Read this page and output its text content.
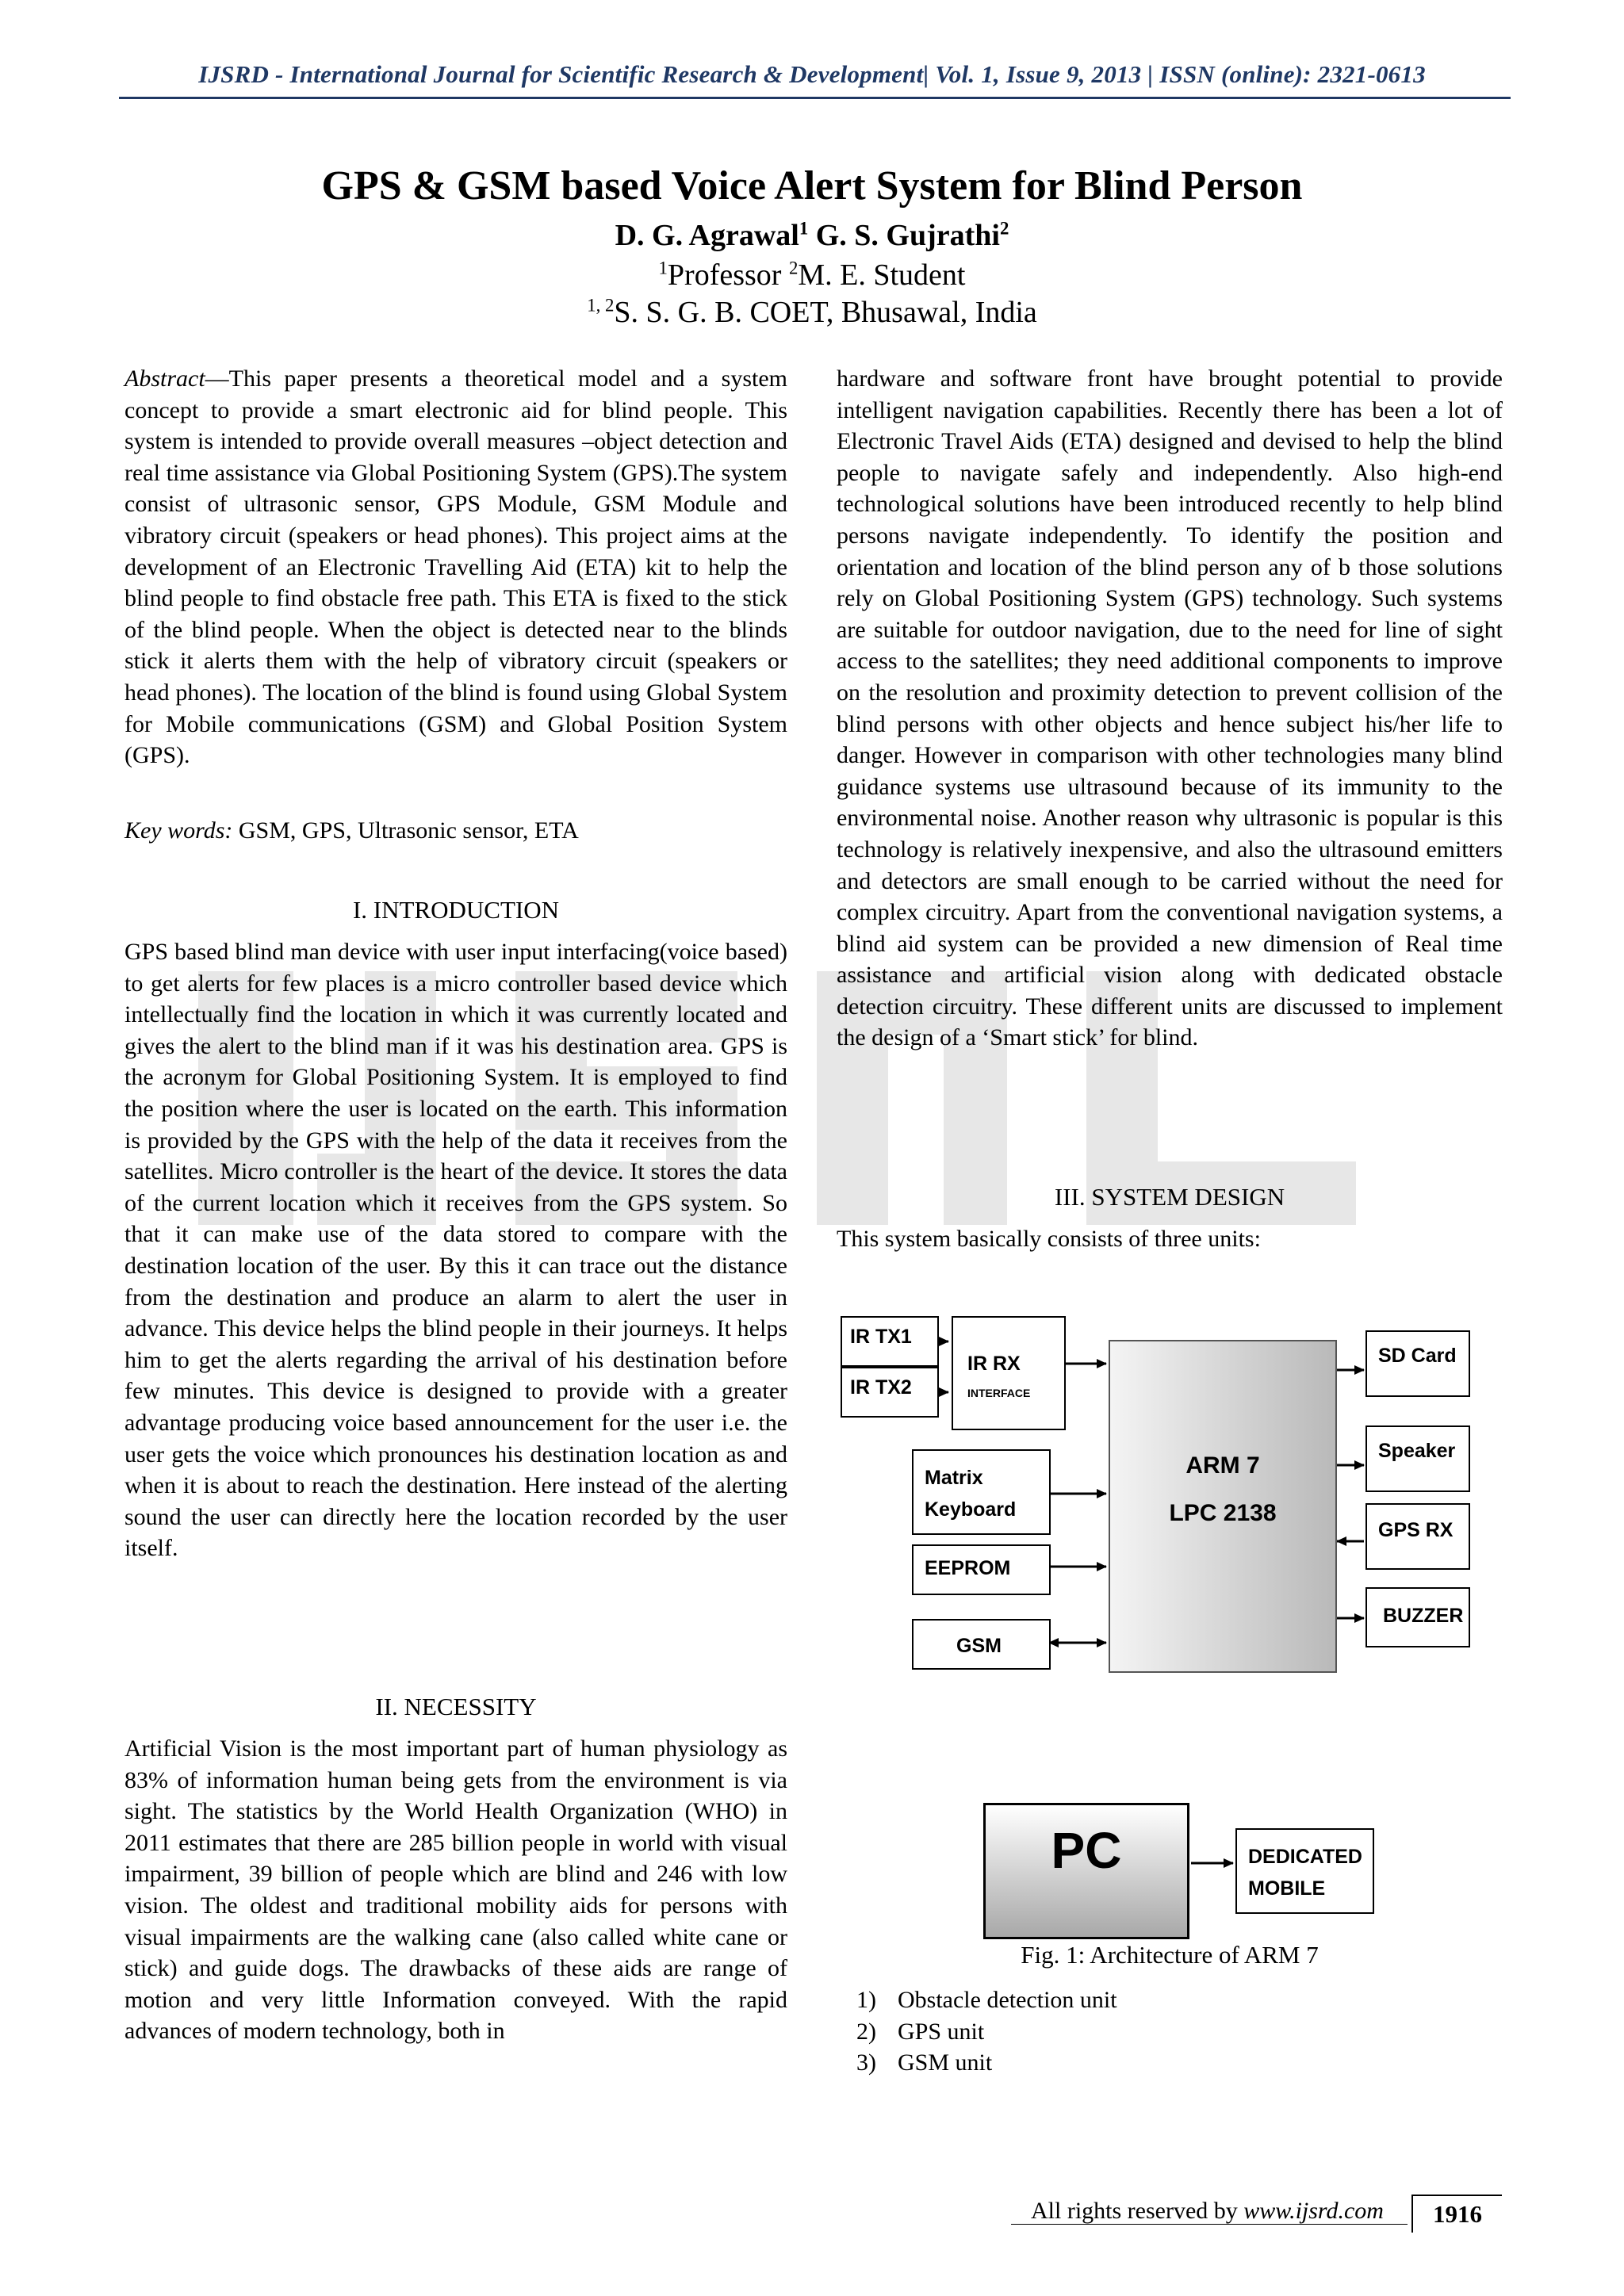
IJSRD - International Journal for Scientific Research & Development| Vol. 1, Issue 9, 2013 | ISSN (online): 2321-0613
GPS & GSM based Voice Alert System for Blind Person
D. G. Agrawal$^1$ G. S. Gujrathi$^2$
$^1$Professor $^2$M. E. Student
$^{1, 2}$S. S. G. B. COET, Bhusawal, India

Abstract—This paper presents a theoretical model and a system concept to provide a smart electronic aid for blind people. This system is intended to provide overall measures –object detection and real time assistance via Global Positioning System (GPS).The system consist of ultrasonic sensor, GPS Module, GSM Module and vibratory circuit (speakers or head phones). This project aims at the development of an Electronic Travelling Aid (ETA) kit to help the blind people to find obstacle free path. This ETA is fixed to the stick of the blind people. When the object is detected near to the blinds stick it alerts them with the help of vibratory circuit (speakers or head phones). The location of the blind is found using Global System for Mobile communications (GSM) and Global Position System (GPS).

Key words: GSM, GPS, Ultrasonic sensor, ETA

I. INTRODUCTION

GPS based blind man device with user input interfacing(voice based) to get alerts for few places is a micro controller based device which intellectually find the location in which it was currently located and gives the alert to the blind man if it was his destination area. GPS is the acronym for Global Positioning System. It is employed to find the position where the user is located on the earth. This information is provided by the GPS with the help of the data it receives from the satellites. Micro controller is the heart of the device. It stores the data of the current location which it receives from the GPS system. So that it can make use of the data stored to compare with the destination location of the user. By this it can trace out the distance from the destination and produce an alarm to alert the user in advance. This device helps the blind people in their journeys. It helps him to get the alerts regarding the arrival of his destination before few minutes. This device is designed to provide with a greater advantage producing voice based announcement for the user i.e. the user gets the voice which pronounces his destination location as and when it is about to reach the destination. Here instead of the alerting sound the user can directly here the location recorded by the user itself.

II. NECESSITY

Artificial Vision is the most important part of human physiology as 83% of information human being gets from the environment is via sight. The statistics by the World Health Organization (WHO) in 2011 estimates that there are 285 billion people in world with visual impairment, 39 billion of people which are blind and 246 with low vision. The oldest and traditional mobility aids for persons with visual impairments are the walking cane (also called white cane or stick) and guide dogs. The drawbacks of these aids are range of motion and very little Information conveyed. With the rapid advances of modern technology, both in

hardware and software front have brought potential to provide intelligent navigation capabilities. Recently there has been a lot of Electronic Travel Aids (ETA) designed and devised to help the blind people to navigate safely and independently. Also high-end technological solutions have been introduced recently to help blind persons navigate independently. To identify the position and orientation and location of the blind person any of b those solutions rely on Global Positioning System (GPS) technology. Such systems are suitable for outdoor navigation, due to the need for line of sight access to the satellites; they need additional components to improve on the resolution and proximity detection to prevent collision of the blind persons with other objects and hence subject his/her life to danger. However in comparison with other technologies many blind guidance systems use ultrasound because of its immunity to the environmental noise. Another reason why ultrasonic is popular is this technology is relatively inexpensive, and also the ultrasound emitters and detectors are small enough to be carried without the need for complex circuitry. Apart from the conventional navigation systems, a blind aid system can be provided a new dimension of Real time assistance and artificial vision along with dedicated obstacle detection circuitry. These different units are discussed to implement the design of a ‘Smart stick’ for blind.

III. SYSTEM DESIGN
This system basically consists of three units:
IR TX1
IR TX2
IR RX
INTERFACE
Matrix
Keyboard
EEPROM
GSM
ARM 7
LPC 2138
SD Card
Speaker
GPS RX
BUZZER
PC	DEDICATED
MOBILE
Fig. 1: Architecture of ARM 7
1) Obstacle detection unit
2) GPS unit
3) GSM unit
All rights reserved by www.ijsrd.com	1916
